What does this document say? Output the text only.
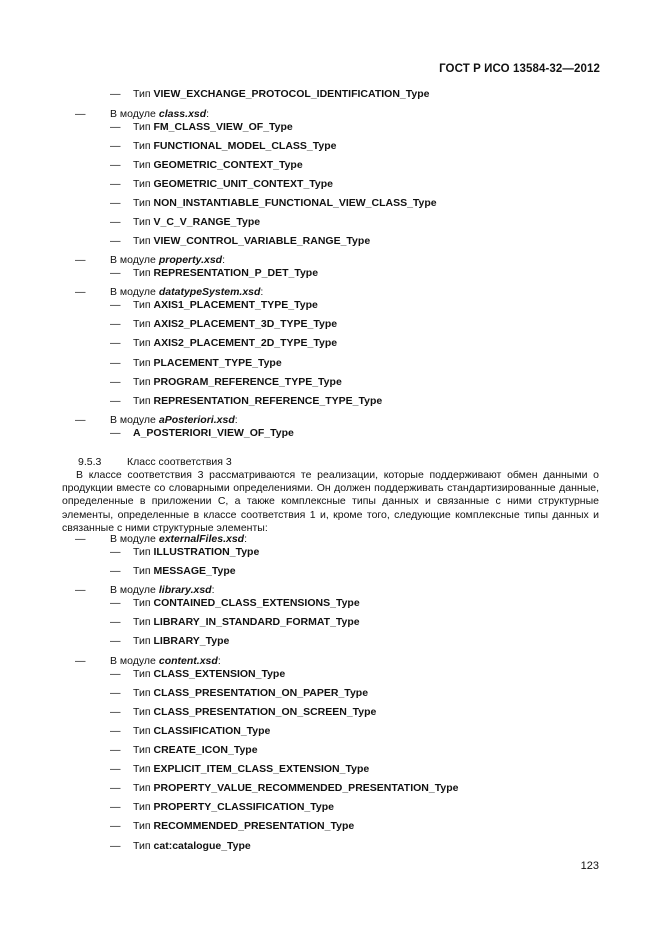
ГОСТ Р ИСО 13584-32—2012
— Тип VIEW_EXCHANGE_PROTOCOL_IDENTIFICATION_Type
— В модуле class.xsd:
— Тип FM_CLASS_VIEW_OF_Type
— Тип FUNCTIONAL_MODEL_CLASS_Type
— Тип GEOMETRIC_CONTEXT_Type
— Тип GEOMETRIC_UNIT_CONTEXT_Type
— Тип NON_INSTANTIABLE_FUNCTIONAL_VIEW_CLASS_Type
— Тип V_C_V_RANGE_Type
— Тип VIEW_CONTROL_VARIABLE_RANGE_Type
— В модуле property.xsd:
— Тип REPRESENTATION_P_DET_Type
— В модуле datatypeSystem.xsd:
— Тип AXIS1_PLACEMENT_TYPE_Type
— Тип AXIS2_PLACEMENT_3D_TYPE_Type
— Тип AXIS2_PLACEMENT_2D_TYPE_Type
— Тип PLACEMENT_TYPE_Type
— Тип PROGRAM_REFERENCE_TYPE_Type
— Тип REPRESENTATION_REFERENCE_TYPE_Type
— В модуле aPosteriori.xsd:
— A_POSTERIORI_VIEW_OF_Type
9.5.3 Класс соответствия 3
В классе соответствия 3 рассматриваются те реализации, которые поддерживают обмен данными о продукции вместе со словарными определениями. Он должен поддерживать стандартизированные данные, определенные в приложении С, а также комплексные типы данных и связанные с ними структурные элементы, определенные в классе соответствия 1 и, кроме того, следующие комплексные типы данных и связанные с ними структурные элементы:
— В модуле externalFiles.xsd:
— Тип ILLUSTRATION_Type
— Тип MESSAGE_Type
— В модуле library.xsd:
— Тип CONTAINED_CLASS_EXTENSIONS_Type
— Тип LIBRARY_IN_STANDARD_FORMAT_Type
— Тип LIBRARY_Type
— В модуле content.xsd:
— Тип CLASS_EXTENSION_Type
— Тип CLASS_PRESENTATION_ON_PAPER_Type
— Тип CLASS_PRESENTATION_ON_SCREEN_Type
— Тип CLASSIFICATION_Type
— Тип CREATE_ICON_Type
— Тип EXPLICIT_ITEM_CLASS_EXTENSION_Type
— Тип PROPERTY_VALUE_RECOMMENDED_PRESENTATION_Type
— Тип PROPERTY_CLASSIFICATION_Type
— Тип RECOMMENDED_PRESENTATION_Type
— Тип cat:catalogue_Type
123
